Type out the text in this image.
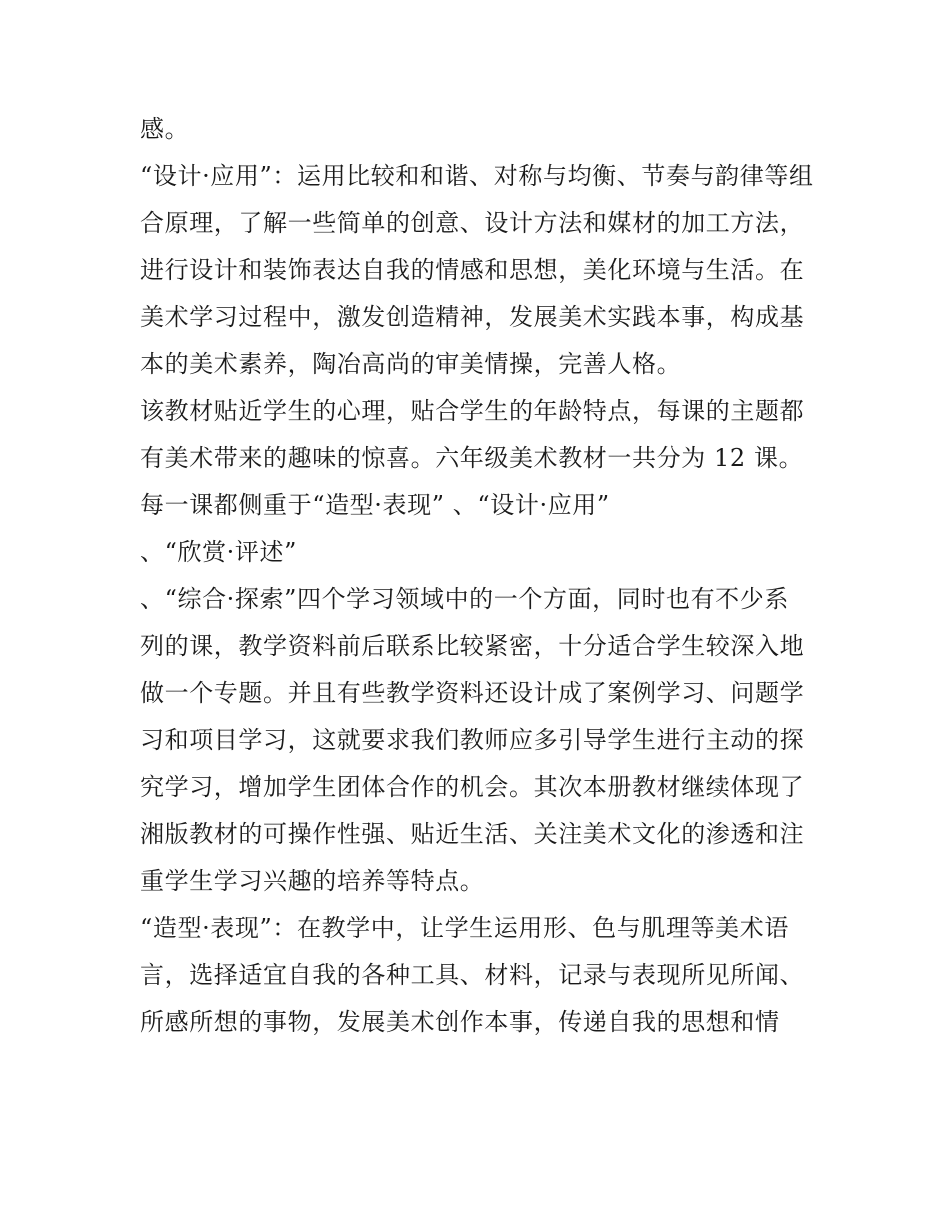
感。
“设计·应用”：运用比较和和谐、对称与均衡、节奏与韵律等组
合原理，了解一些简单的创意、设计方法和媒材的加工方法，
进行设计和装饰表达自我的情感和思想，美化环境与生活。在
美术学习过程中，激发创造精神，发展美术实践本事，构成基
本的美术素养，陶冶高尚的审美情操，完善人格。
该教材贴近学生的心理，贴合学生的年龄特点，每课的主题都
有美术带来的趣味的惊喜。六年级美术教材一共分为 12 课。
每一课都侧重于“造型·表现” 、“设计·应用”
、“欣赏·评述”
、“综合·探索”四个学习领域中的一个方面，同时也有不少系
列的课，教学资料前后联系比较紧密，十分适合学生较深入地
做一个专题。并且有些教学资料还设计成了案例学习、问题学
习和项目学习，这就要求我们教师应多引导学生进行主动的探
究学习，增加学生团体合作的机会。其次本册教材继续体现了
湘版教材的可操作性强、贴近生活、关注美术文化的渗透和注
重学生学习兴趣的培养等特点。
“造型·表现”：在教学中，让学生运用形、色与肌理等美术语
言，选择适宜自我的各种工具、材料，记录与表现所见所闻、
所感所想的事物，发展美术创作本事，传递自我的思想和情
